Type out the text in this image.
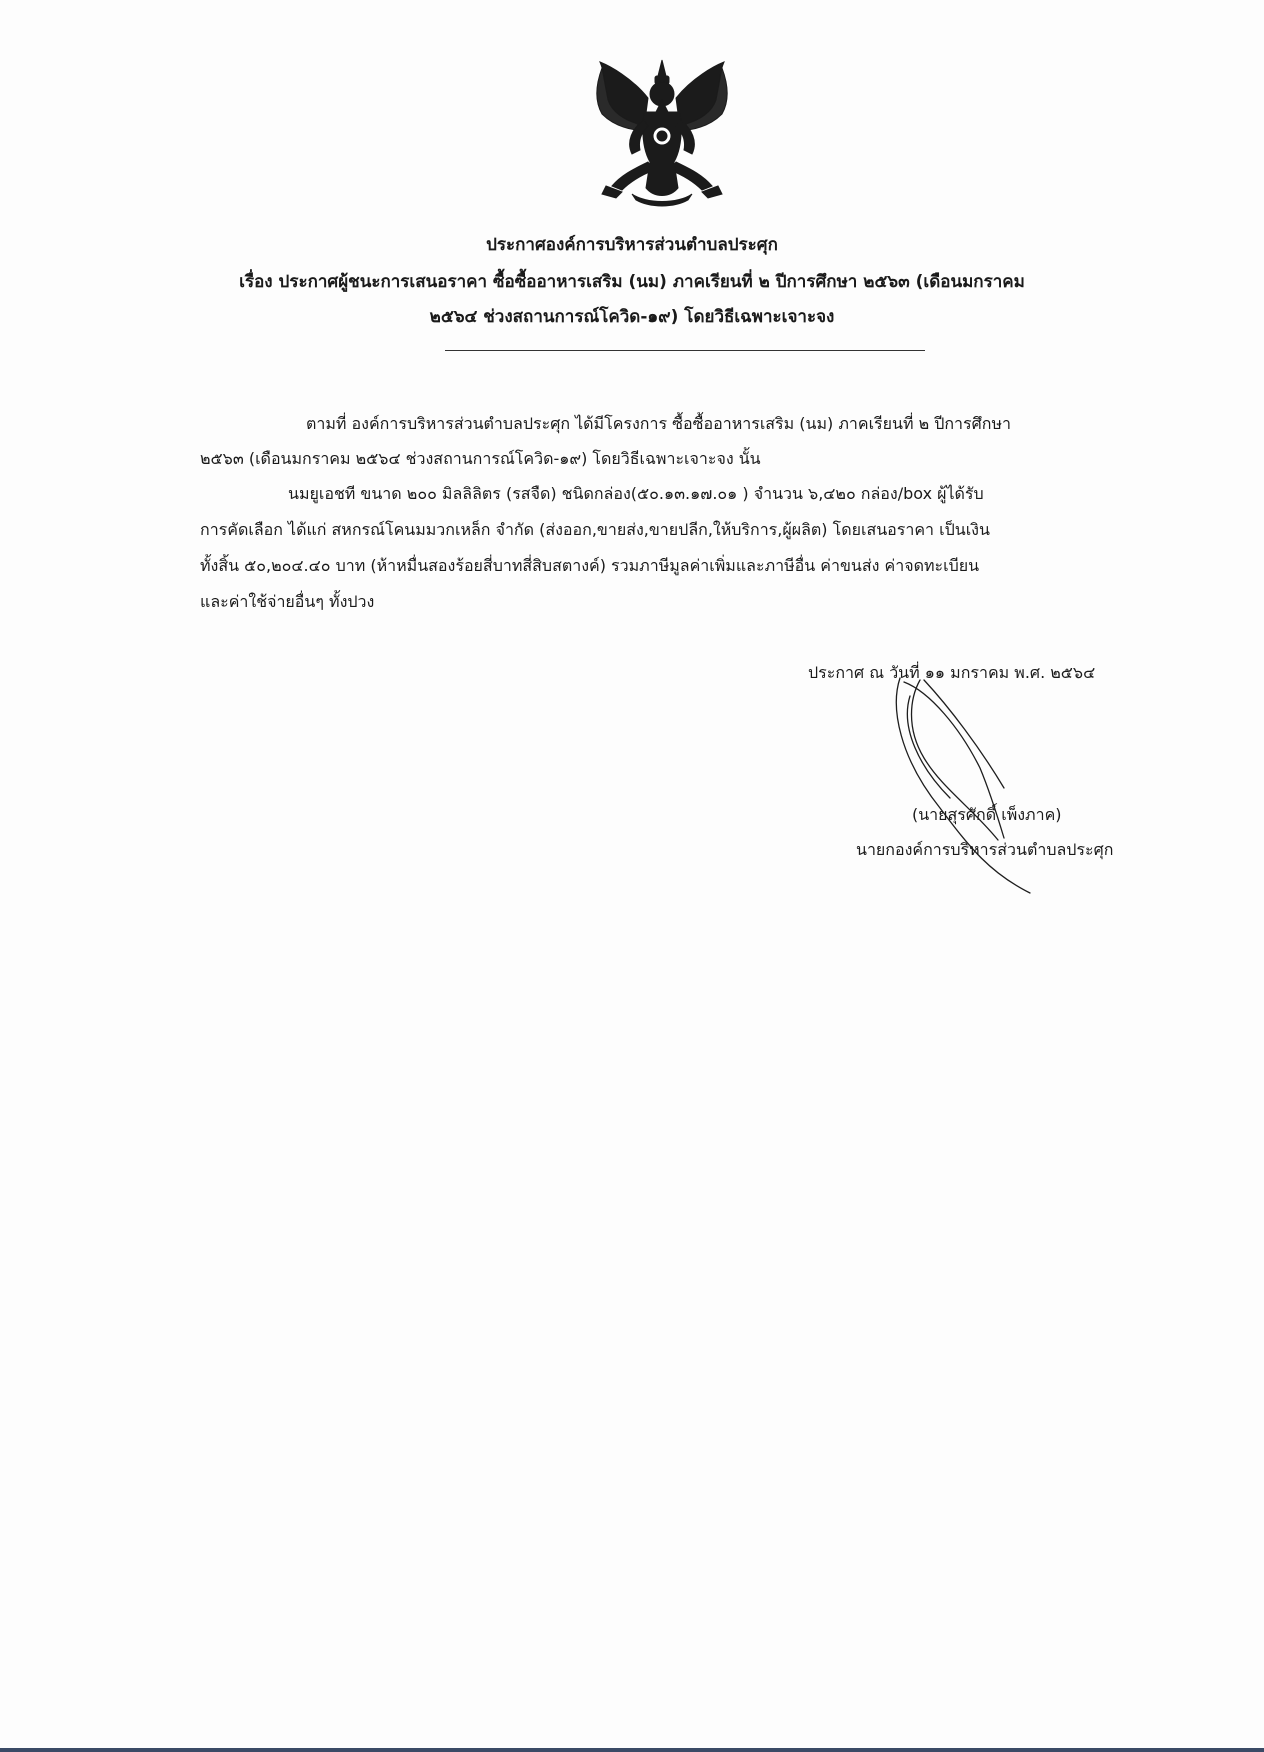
ประกาศองค์การบริหารส่วนตำบลประศุก
เรื่อง ประกาศผู้ชนะการเสนอราคา ซื้อซื้ออาหารเสริม (นม) ภาคเรียนที่ ๒ ปีการศึกษา ๒๕๖๓ (เดือนมกราคม
๒๕๖๔ ช่วงสถานการณ์โควิด-๑๙) โดยวิธีเฉพาะเจาะจง
ตามที่ องค์การบริหารส่วนตำบลประศุก ได้มีโครงการ ซื้อซื้ออาหารเสริม (นม) ภาคเรียนที่ ๒ ปีการศึกษา
๒๕๖๓ (เดือนมกราคม ๒๕๖๔ ช่วงสถานการณ์โควิด-๑๙) โดยวิธีเฉพาะเจาะจง นั้น
นมยูเอชที ขนาด ๒๐๐ มิลลิลิตร (รสจืด) ชนิดกล่อง(๕๐.๑๓.๑๗.๐๑ ) จำนวน ๖,๔๒๐ กล่อง/box ผู้ได้รับ
การคัดเลือก ได้แก่ สหกรณ์โคนมมวกเหล็ก จำกัด (ส่งออก,ขายส่ง,ขายปลีก,ให้บริการ,ผู้ผลิต) โดยเสนอราคา เป็นเงิน
ทั้งสิ้น ๕๐,๒๐๔.๔๐ บาท (ห้าหมื่นสองร้อยสี่บาทสี่สิบสตางค์) รวมภาษีมูลค่าเพิ่มและภาษีอื่น ค่าขนส่ง ค่าจดทะเบียน
และค่าใช้จ่ายอื่นๆ ทั้งปวง
ประกาศ ณ วันที่ ๑๑ มกราคม พ.ศ. ๒๕๖๔
(นายสุรศักดิ์ เพ็งภาค)
นายกองค์การบริหารส่วนตำบลประศุก
